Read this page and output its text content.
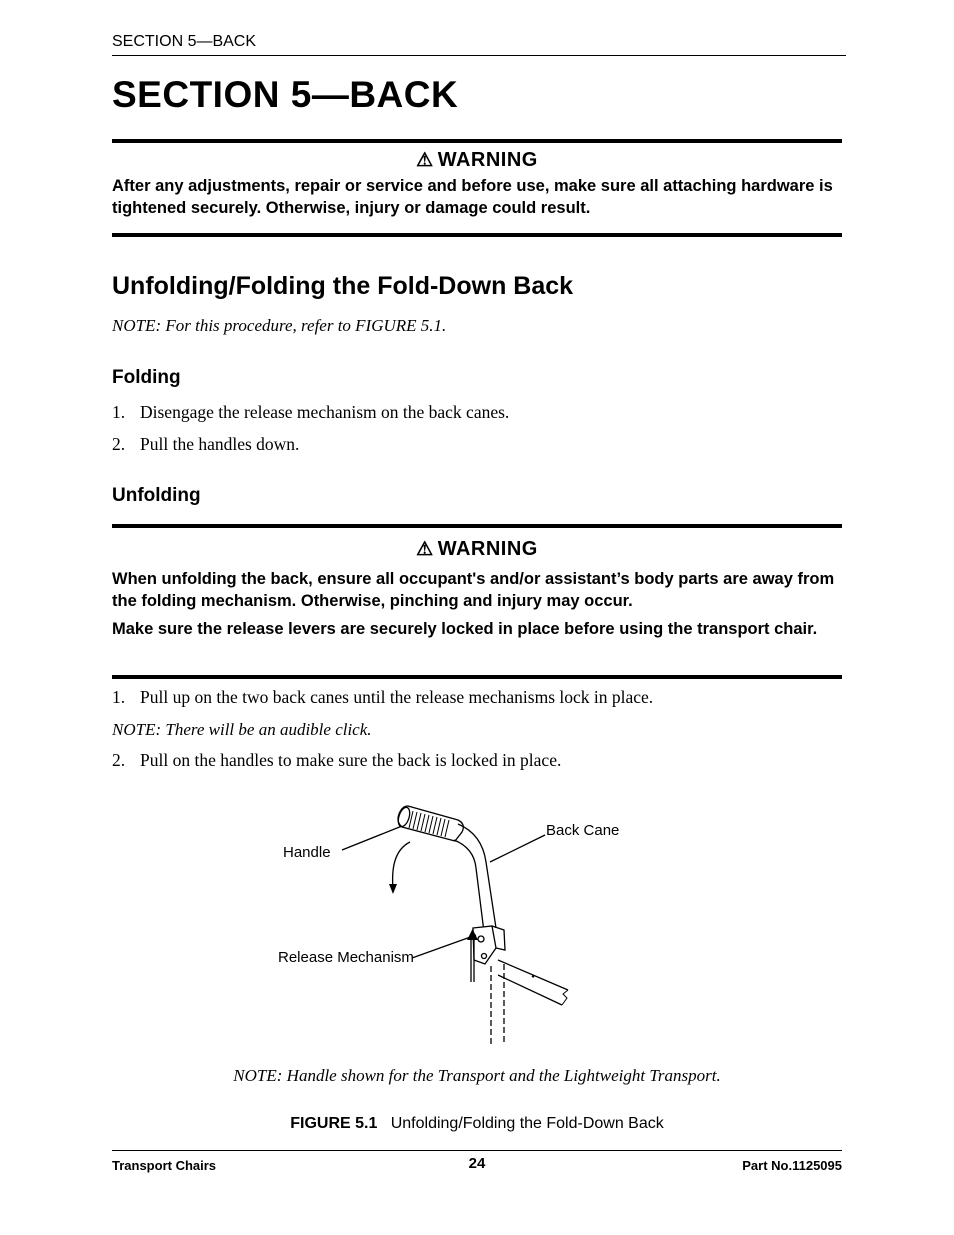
SECTION 5—BACK
SECTION 5—BACK
⚠ WARNING

After any adjustments, repair or service and before use, make sure all attaching hardware is tightened securely. Otherwise, injury or damage could result.

Unfolding/Folding the Fold-Down Back
NOTE: For this procedure, refer to FIGURE 5.1.
Folding
1. Disengage the release mechanism on the back canes.
2. Pull the handles down.
Unfolding
⚠ WARNING

When unfolding the back, ensure all occupant's and/or assistant’s body parts are away from the folding mechanism. Otherwise, pinching and injury may occur.

Make sure the release levers are securely locked in place before using the transport chair.

1. Pull up on the two back canes until the release mechanisms lock in place.
NOTE: There will be an audible click.
2. Pull on the handles to make sure the back is locked in place.
Handle
Back Cane
Release Mechanism
NOTE: Handle shown for the Transport and the Lightweight Transport.
FIGURE 5.1 Unfolding/Folding the Fold-Down Back
Transport Chairs	24	Part No.1125095
